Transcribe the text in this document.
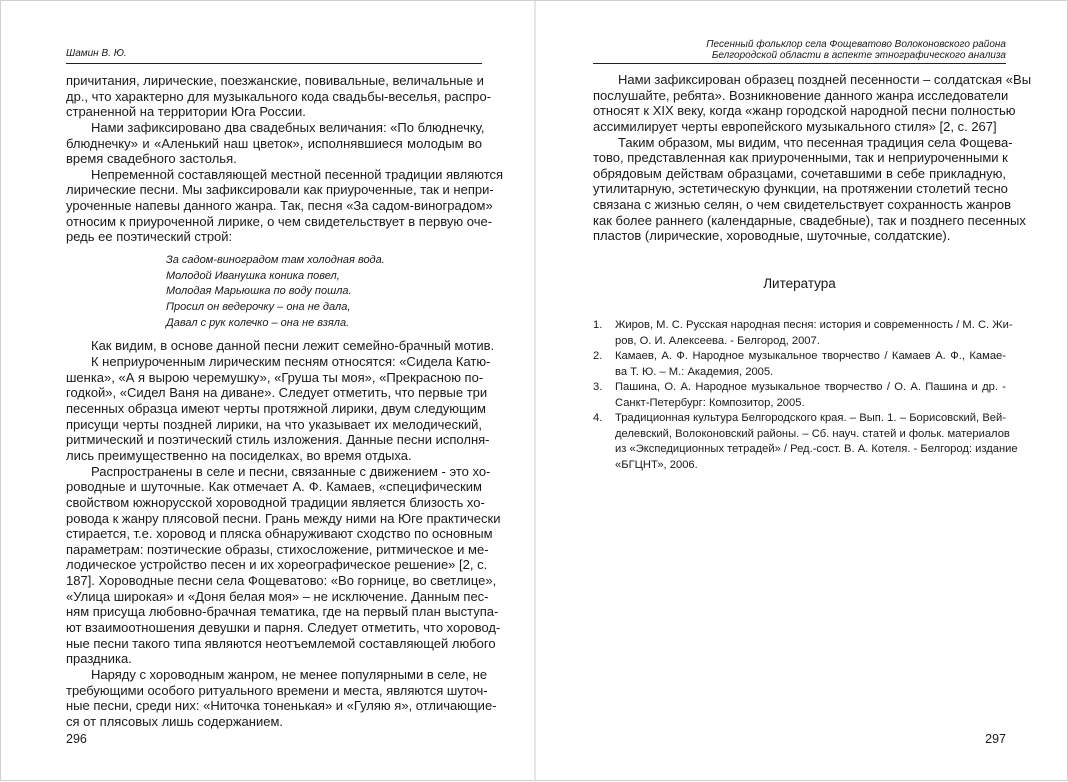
Шамин В. Ю.
причитания, лирические, поезжанские, повивальные, величальные и
др., что характерно для музыкального кода свадьбы-веселья, распро-
страненной на территории Юга России.
Нами зафиксировано два свадебных величания: «По блюднечку,
блюднечку» и «Аленький наш цветок», исполнявшиеся молодым во
время свадебного застолья.
Непременной составляющей местной песенной традиции являются
лирические песни. Мы зафиксировали как приуроченные, так и непри-
уроченные напевы данного жанра. Так, песня «За садом-виноградом»
относим к приуроченной лирике, о чем свидетельствует в первую оче-
редь ее поэтический строй:
За садом-виноградом там холодная вода.
Молодой Иванушка коника повел,
Молодая Марьюшка по воду пошла.
Просил он ведерочку – она не дала,
Давал с рук колечко – она не взяла.
Как видим, в основе данной песни лежит семейно-брачный мотив.
К неприуроченным лирическим песням относятся: «Сидела Катю-
шенка», «А я вырою черемушку», «Груша ты моя», «Прекрасною по-
годкой», «Сидел Ваня на диване». Следует отметить, что первые три
песенных образца имеют черты протяжной лирики, двум следующим
присущи черты поздней лирики, на что указывает их мелодический,
ритмический и поэтический стиль изложения. Данные песни исполня-
лись преимущественно на посиделках, во время отдыха.
Распространены в селе и песни, связанные с движением - это хо-
роводные и шуточные. Как отмечает А. Ф. Камаев, «специфическим
свойством южнорусской хороводной традиции является близость хо-
ровода к жанру плясовой песни. Грань между ними на Юге практически
стирается, т.е. хоровод и пляска обнаруживают сходство по основным
параметрам: поэтические образы, стихосложение, ритмическое и ме-
лодическое устройство песен и их хореографическое решение» [2, с.
187]. Хороводные песни села Фощеватово: «Во горнице, во светлице»,
«Улица широкая» и «Доня белая моя» – не исключение. Данным пес-
ням присуща любовно-брачная тематика, где на первый план выступа-
ют взаимоотношения девушки и парня. Следует отметить, что хоровод-
ные песни такого типа являются неотъемлемой составляющей любого
праздника.
Наряду с хороводным жанром, не менее популярными в селе, не
требующими особого ритуального времени и места, являются шуточ-
ные песни, среди них: «Ниточка тоненькая» и «Гуляю я», отличающие-
ся от плясовых лишь содержанием.
296
Песенный фольклор села Фощеватово Волоконовского района
Белгородской области в аспекте этнографического анализа
Нами зафиксирован образец поздней песенности – солдатская «Вы
послушайте, ребята». Возникновение данного жанра исследователи
относят к XIX веку, когда «жанр городской народной песни полностью
ассимилирует черты европейского музыкального стиля» [2, с. 267]
Таким образом, мы видим, что песенная традиция села Фощева-
тово, представленная как приуроченными, так и неприуроченными к
обрядовым действам образцами, сочетавшими в себе прикладную,
утилитарную, эстетическую функции, на протяжении столетий тесно
связана с жизнью селян, о чем свидетельствует сохранность жанров
как более раннего (календарные, свадебные), так и позднего песенных
пластов (лирические, хороводные, шуточные, солдатские).
Литература
1. Жиров, М. С. Русская народная песня: история и современность / М. С. Жи-
ров, О. И. Алексеева. - Белгород, 2007.
2. Камаев, А. Ф. Народное музыкальное творчество / Камаев А. Ф., Камае-
ва Т. Ю. – М.: Академия, 2005.
3. Пашина, О. А. Народное музыкальное творчество / О. А. Пашина и др. -
Санкт-Петербург: Композитор, 2005.
4. Традиционная культура Белгородского края. – Вып. 1. – Борисовский, Вей-
делевский, Волоконовский районы. – Сб. науч. статей и фольк. материалов
из «Экспедиционных тетрадей» / Ред.-сост. В. А. Котеля. - Белгород: издание
«БГЦНТ», 2006.
297
